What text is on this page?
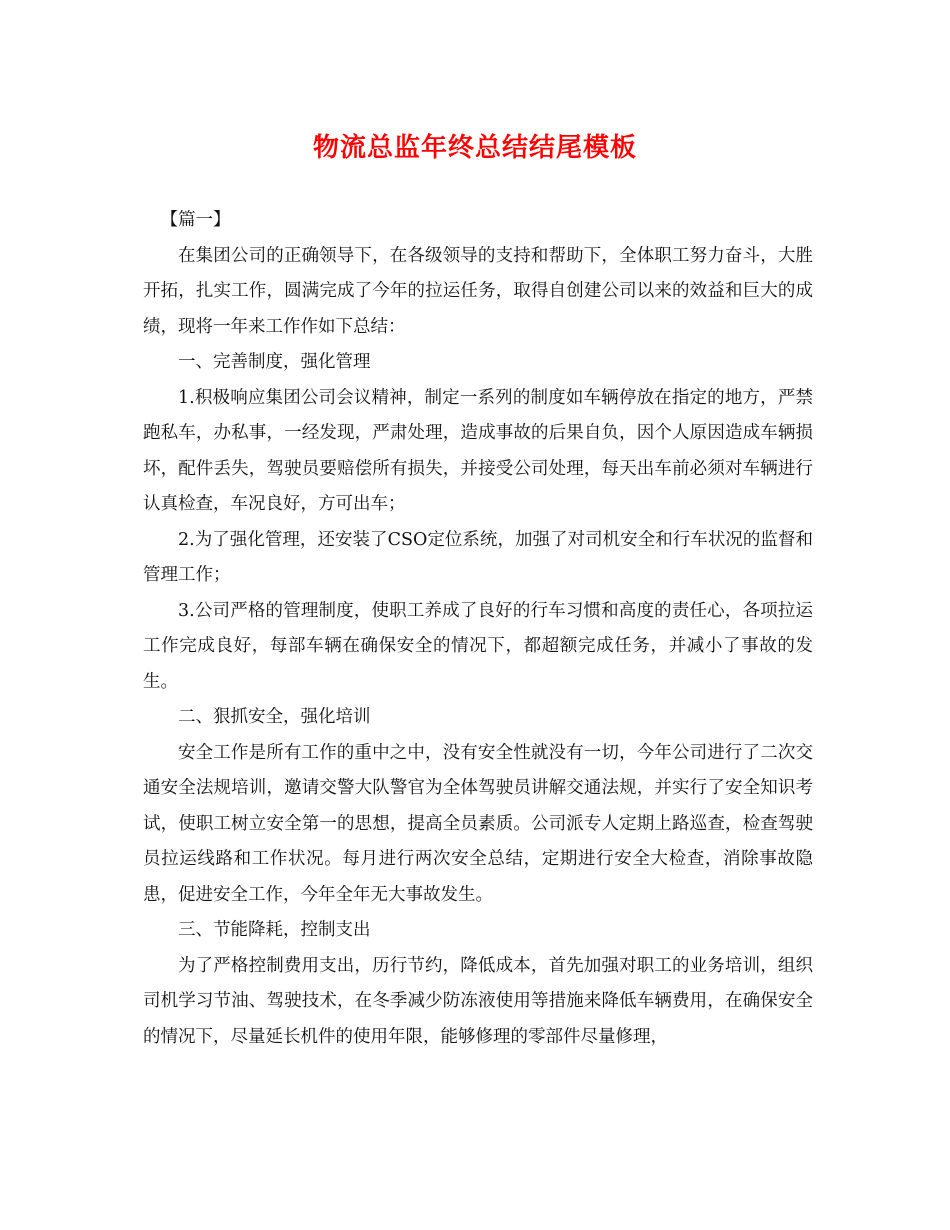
物流总监年终总结结尾模板

【篇一】

在集团公司的正确领导下，在各级领导的支持和帮助下，全体职工努力奋斗，大胜开拓，扎实工作，圆满完成了今年的拉运任务，取得自创建公司以来的效益和巨大的成绩，现将一年来工作作如下总结：

一、完善制度，强化管理

1.积极响应集团公司会议精神，制定一系列的制度如车辆停放在指定的地方，严禁跑私车，办私事，一经发现，严肃处理，造成事故的后果自负，因个人原因造成车辆损坏，配件丢失，驾驶员要赔偿所有损失，并接受公司处理，每天出车前必须对车辆进行认真检查，车况良好，方可出车；

2.为了强化管理，还安装了CSO定位系统，加强了对司机安全和行车状况的监督和管理工作；

3.公司严格的管理制度，使职工养成了良好的行车习惯和高度的责任心，各项拉运工作完成良好，每部车辆在确保安全的情况下，都超额完成任务，并减小了事故的发生。

二、狠抓安全，强化培训

安全工作是所有工作的重中之中，没有安全性就没有一切，今年公司进行了二次交通安全法规培训，邀请交警大队警官为全体驾驶员讲解交通法规，并实行了安全知识考试，使职工树立安全第一的思想，提高全员素质。公司派专人定期上路巡查，检查驾驶员拉运线路和工作状况。每月进行两次安全总结，定期进行安全大检查，消除事故隐患，促进安全工作，今年全年无大事故发生。

三、节能降耗，控制支出

为了严格控制费用支出，历行节约，降低成本，首先加强对职工的业务培训，组织司机学习节油、驾驶技术，在冬季减少防冻液使用等措施来降低车辆费用，在确保安全的情况下，尽量延长机件的使用年限，能够修理的零部件尽量修理，
